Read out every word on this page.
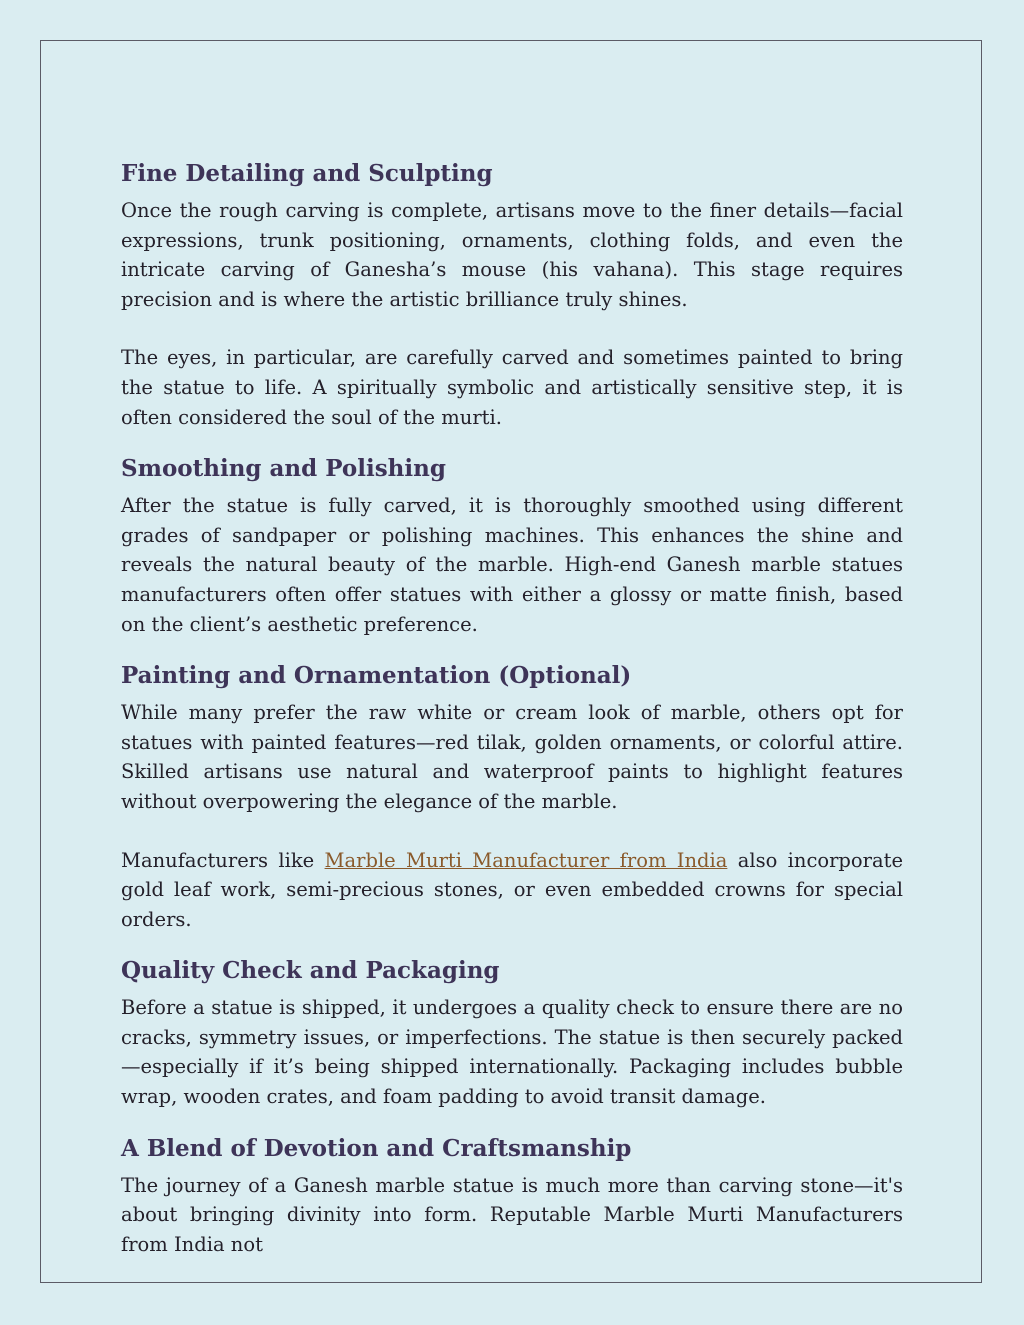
Fine Detailing and Sculpting

Once the rough carving is complete, artisans move to the finer details—facial expressions, trunk positioning, ornaments, clothing folds, and even the intricate carving of Ganesha’s mouse (his vahana). This stage requires precision and is where the artistic brilliance truly shines.

The eyes, in particular, are carefully carved and sometimes painted to bring the statue to life. A spiritually symbolic and artistically sensitive step, it is often considered the soul of the murti.

Smoothing and Polishing

After the statue is fully carved, it is thoroughly smoothed using different grades of sandpaper or polishing machines. This enhances the shine and reveals the natural beauty of the marble. High-end Ganesh marble statues manufacturers often offer statues with either a glossy or matte finish, based on the client’s aesthetic preference.

Painting and Ornamentation (Optional)

While many prefer the raw white or cream look of marble, others opt for statues with painted features—red tilak, golden ornaments, or colorful attire. Skilled artisans use natural and waterproof paints to highlight features without overpowering the elegance of the marble.

Manufacturers like Marble Murti Manufacturer from India also incorporate gold leaf work, semi-precious stones, or even embedded crowns for special orders.

Quality Check and Packaging

Before a statue is shipped, it undergoes a quality check to ensure there are no cracks, symmetry issues, or imperfections. The statue is then securely packed—especially if it’s being shipped internationally. Packaging includes bubble wrap, wooden crates, and foam padding to avoid transit damage.

A Blend of Devotion and Craftsmanship

The journey of a Ganesh marble statue is much more than carving stone—it's about bringing divinity into form. Reputable Marble Murti Manufacturers from India not
